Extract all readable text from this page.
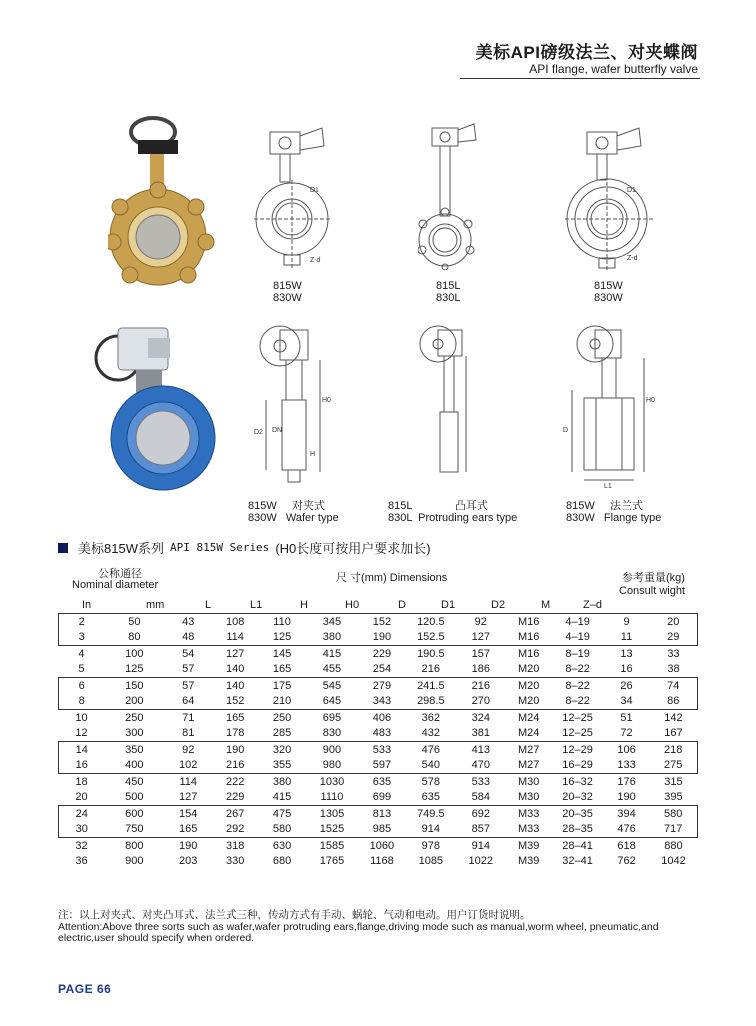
美标API磅级法兰、对夹蝶阀
API flange, wafer butterfly valve
D1
Z-d
D1
Z-d
815W
830W
815L
830L
815W
830W
D2 DN
H0
H
D
H0
L1
815W     对夹式
830W   Wafer type
815L              凸耳式
830L  Protruding ears type
815W     法兰式
830W   Flange type
美标815W系列 API 815W Series (H0长度可按用户要求加长)
公称通径
Nominal diameter
尺 寸(mm) Dimensions	参考重量(kg)
Consult wight
In	mm	L	L1	H	H0	D	D1	D2	M	Z–d
2	50	43	108	110	345	152	120.5	92	M16	4–19	9	20
3	80	48	114	125	380	190	152.5	127	M16	4–19	11	29
4	100	54	127	145	415	229	190.5	157	M16	8–19	13	33
5	125	57	140	165	455	254	216	186	M20	8–22	16	38
6	150	57	140	175	545	279	241.5	216	M20	8–22	26	74
8	200	64	152	210	645	343	298.5	270	M20	8–22	34	86
10	250	71	165	250	695	406	362	324	M24	12–25	51	142
12	300	81	178	285	830	483	432	381	M24	12–25	72	167
14	350	92	190	320	900	533	476	413	M27	12–29	106	218
16	400	102	216	355	980	597	540	470	M27	16–29	133	275
18	450	114	222	380	1030	635	578	533	M30	16–32	176	315
20	500	127	229	415	1110	699	635	584	M30	20–32	190	395
24	600	154	267	475	1305	813	749.5	692	M33	20–35	394	580
30	750	165	292	580	1525	985	914	857	M33	28–35	476	717
32	800	190	318	630	1585	1060	978	914	M39	28–41	618	880
36	900	203	330	680	1765	1168	1085	1022	M39	32–41	762	1042
注：以上对夹式、对夹凸耳式、法兰式三种，传动方式有手动、蜗轮、气动和电动。用户订货时说明。
Attention:Above three sorts such as wafer,wafer protruding ears,flange,driving mode such as manual,worm wheel, pneumatic,and electric,user should specify when ordered.
PAGE 66
